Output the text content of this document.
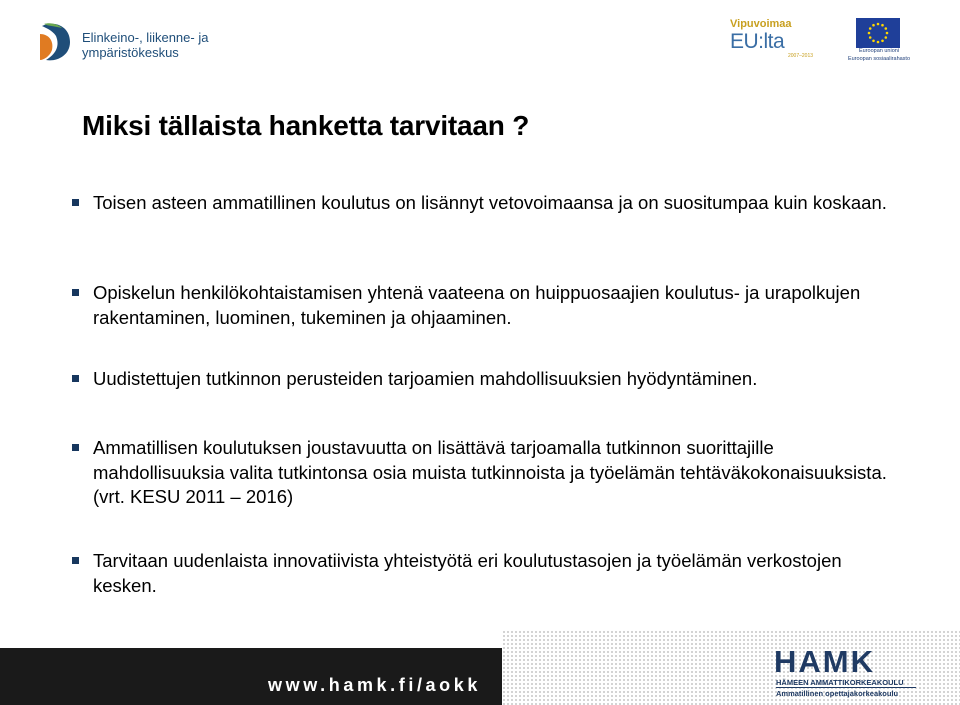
Elinkeino-, liikenne- ja
ympäristökeskus
Vipuvoimaa
EU:lta
2007–2013
Euroopan unioni
Euroopan sosiaalirahasto
Miksi tällaista hanketta tarvitaan ?
Toisen asteen ammatillinen koulutus on lisännyt vetovoimaansa ja on suositumpaa kuin koskaan.
Opiskelun henkilökohtaistamisen yhtenä vaateena on huippuosaajien koulutus- ja urapolkujen rakentaminen, luominen, tukeminen ja ohjaaminen.
Uudistettujen tutkinnon perusteiden tarjoamien mahdollisuuksien hyödyntäminen.
Ammatillisen koulutuksen joustavuutta on lisättävä tarjoamalla tutkinnon suorittajille mahdollisuuksia valita tutkintonsa osia muista tutkinnoista ja työelämän tehtäväkokonaisuuksista. (vrt. KESU 2011 – 2016)
Tarvitaan uudenlaista innovatiivista yhteistyötä eri koulutustasojen ja työelämän verkostojen kesken.
www.hamk.fi/aokk
HAMK
HÄMEEN AMMATTIKORKEAKOULU
Ammatillinen opettajakorkeakoulu
